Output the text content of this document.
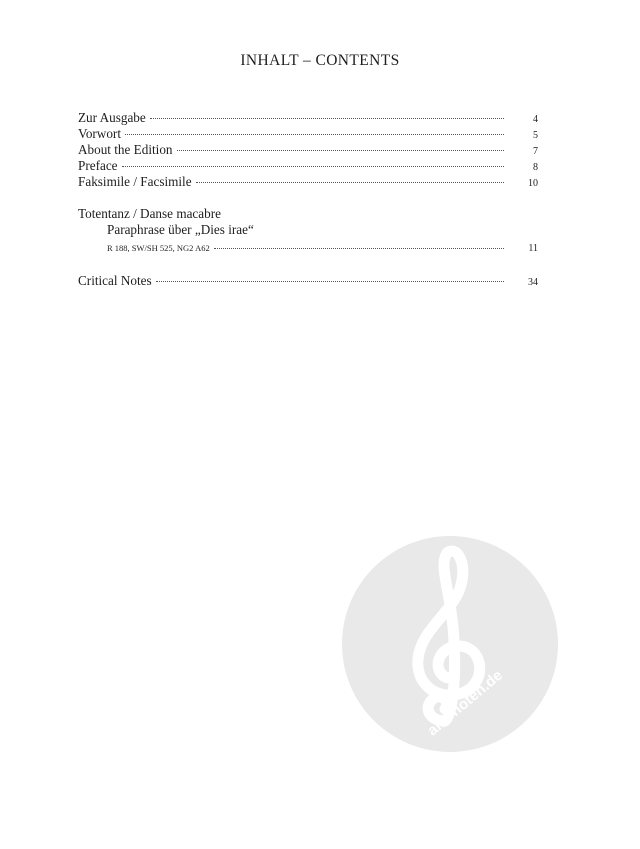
INHALT – CONTENTS
Zur Ausgabe	4
Vorwort	5
About the Edition	7
Preface	8
Faksimile / Facsimile	10
Totentanz / Danse macabre
Paraphrase über „Dies irae“
R 188, SW/SH 525, NG2 A62	11
Critical Notes	34
alle-noten.de
